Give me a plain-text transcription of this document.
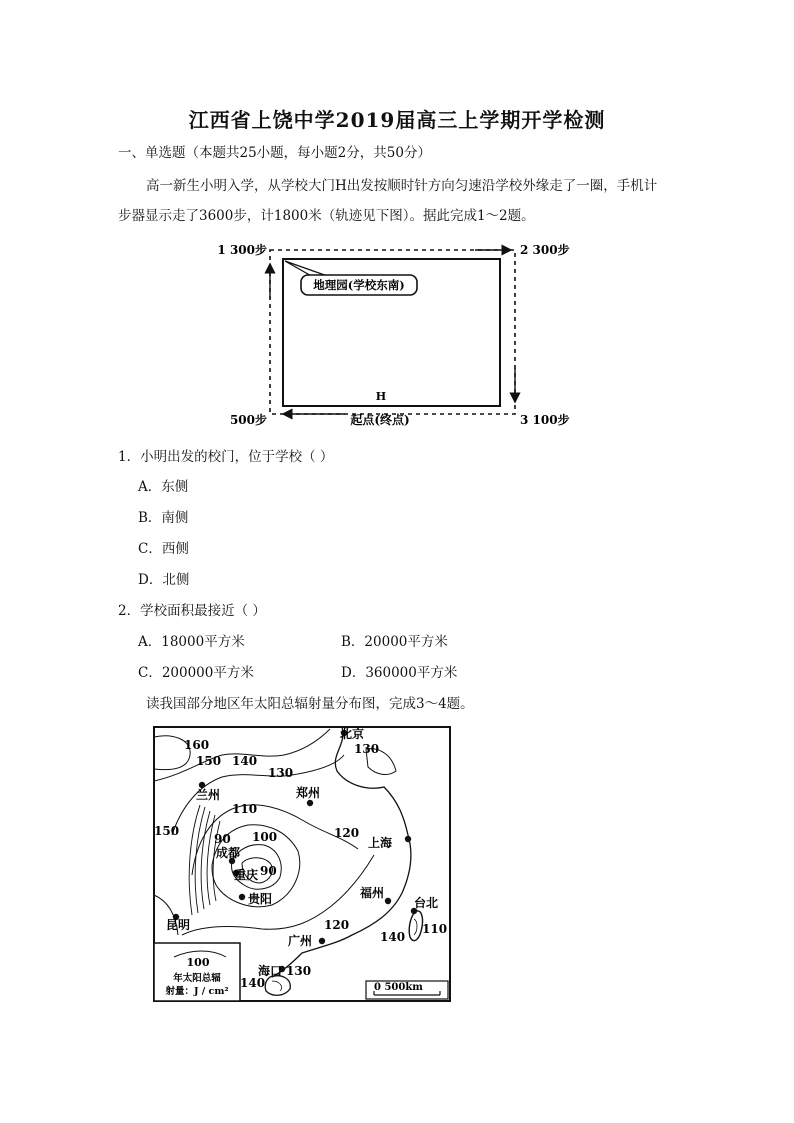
江西省上饶中学2019届高三上学期开学检测
一、单选题（本题共25小题，每小题2分，共50分）
高一新生小明入学，从学校大门H出发按顺时针方向匀速沿学校外缘走了一圈，手机计
步器显示走了3600步，计1800米（轨迹见下图）。据此完成1～2题。
地理园(学校东南)
1 300步	2 300步
500步	3 100步
H
起点(终点)
1．小明出发的校门，位于学校（ ）
A．东侧
B．南侧
C．西侧
D．北侧
2．学校面积最接近（ ）
A．18000平方米	B．20000平方米
C．200000平方米	D．360000平方米
读我国部分地区年太阳总辐射量分布图，完成3～4题。
100
年太阳总辐
射量：J / cm²	0 500km
北京
兰州	郑州
上海
成都
重庆
贵阳	福州
台北
昆明
广州
海口
160
150 140
130
130
110
100
90
90
150	120
120
140
110
130
140
